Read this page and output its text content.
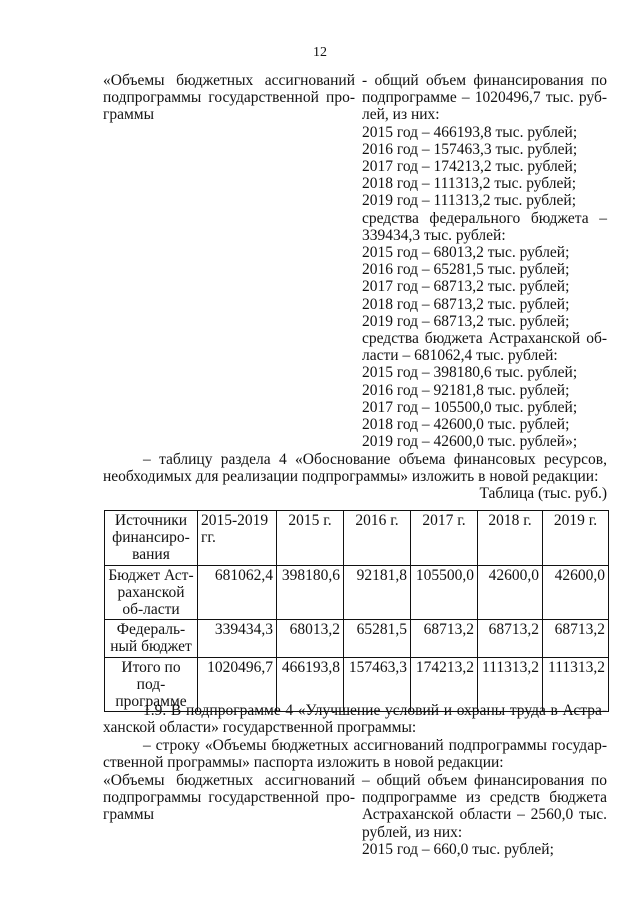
12
«Объемы бюджетных ассигнований
подпрограммы государственной про-
граммы
- общий объем финансирования по
подпрограмме – 1020496,7 тыс. руб-
лей, из них:
2015 год – 466193,8 тыс. рублей;
2016 год – 157463,3 тыс. рублей;
2017 год – 174213,2 тыс. рублей;
2018 год – 111313,2 тыс. рублей;
2019 год – 111313,2 тыс. рублей;
средства федерального бюджета –
339434,3 тыс. рублей:
2015 год – 68013,2 тыс. рублей;
2016 год – 65281,5 тыс. рублей;
2017 год – 68713,2 тыс. рублей;
2018 год – 68713,2 тыс. рублей;
2019 год – 68713,2 тыс. рублей;
средства бюджета Астраханской об-
ласти – 681062,4 тыс. рублей:
2015 год – 398180,6 тыс. рублей;
2016 год – 92181,8 тыс. рублей;
2017 год – 105500,0 тыс. рублей;
2018 год – 42600,0 тыс. рублей;
2019 год – 42600,0 тыс. рублей»;
– таблицу раздела 4 «Обоснование объема финансовых ресурсов,
необходимых для реализации подпрограммы» изложить в новой редакции:
Таблица (тыс. руб.)
Источники финансиро-вания	2015-2019 гг.	2015 г.	2016 г.	2017 г.	2018 г.	2019 г.
Бюджет Аст-раханской об-ласти	681062,4	398180,6	92181,8	105500,0	42600,0	42600,0
Федераль-ный бюджет	339434,3	68013,2	65281,5	68713,2	68713,2	68713,2
Итого по под-программе	1020496,7	466193,8	157463,3	174213,2	111313,2	111313,2
1.9. В подпрограмме 4 «Улучшение условий и охраны труда в Астра-
ханской области» государственной программы:
– строку «Объемы бюджетных ассигнований подпрограммы государ-
ственной программы» паспорта изложить в новой редакции:
«Объемы бюджетных ассигнований
подпрограммы государственной про-
граммы
– общий объем финансирования по
подпрограмме из средств бюджета
Астраханской области – 2560,0 тыс.
рублей, из них:
2015 год – 660,0 тыс. рублей;
